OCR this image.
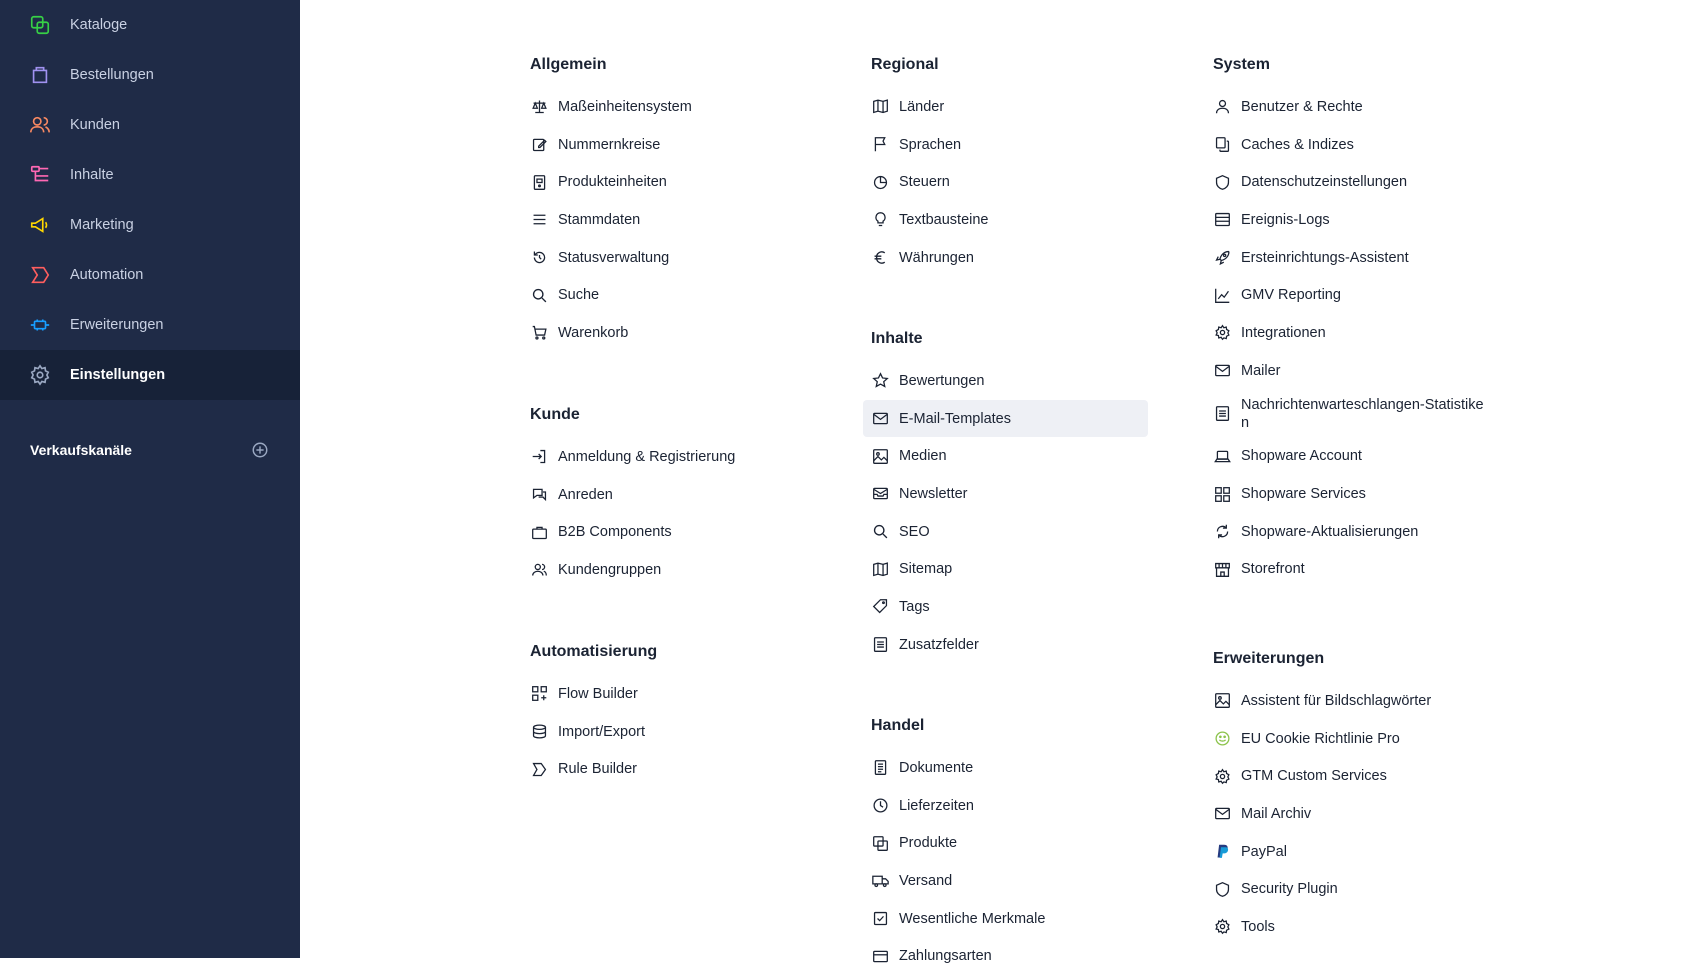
Kataloge
Bestellungen
Kunden
Inhalte
Marketing
Automation
Erweiterungen
Einstellungen
Verkaufskanäle
Allgemein
Maßeinheitensystem
Nummernkreise
Produkteinheiten
Stammdaten
Statusverwaltung
Suche
Warenkorb
Kunde
Anmeldung & Registrierung
Anreden
B2B Components
Kundengruppen
Automatisierung
Flow Builder
Import/Export
Rule Builder
Regional
Länder
Sprachen
Steuern
Textbausteine
Währungen
Inhalte
Bewertungen
E-Mail-Templates
Medien
Newsletter
SEO
Sitemap
Tags
Zusatzfelder
Handel
Dokumente
Lieferzeiten
Produkte
Versand
Wesentliche Merkmale
Zahlungsarten
System
Benutzer & Rechte
Caches & Indizes
Datenschutzeinstellungen
Ereignis-Logs
Ersteinrichtungs-Assistent
GMV Reporting
Integrationen
Mailer
Nachrichtenwarteschlangen-Statistiken
Shopware Account
Shopware Services
Shopware-Aktualisierungen
Storefront
Erweiterungen
Assistent für Bildschlagwörter
EU Cookie Richtlinie Pro
GTM Custom Services
Mail Archiv
PayPal
Security Plugin
Tools
